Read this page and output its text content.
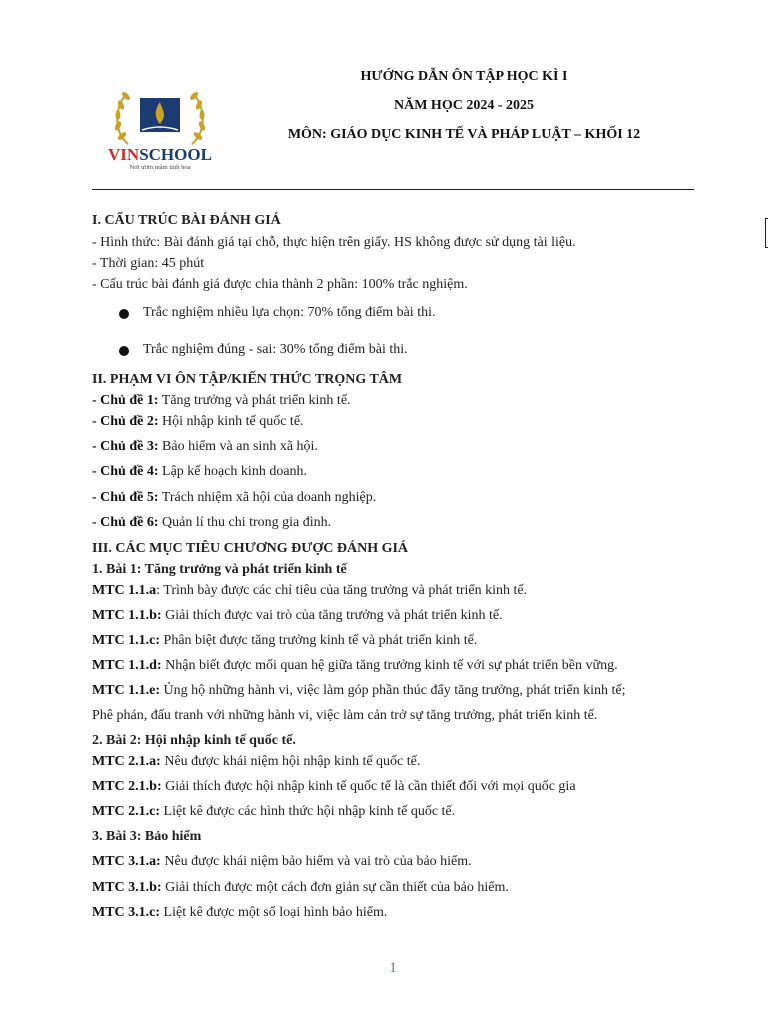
VINSCHOOL
Nơi ươm mầm tinh hoa
HƯỚNG DẪN ÔN TẬP HỌC KÌ I
NĂM HỌC 2024 - 2025
MÔN: GIÁO DỤC KINH TẾ VÀ PHÁP LUẬT – KHỐI 12
I. CẤU TRÚC BÀI ĐÁNH GIÁ
- Hình thức: Bài đánh giá tại chỗ, thực hiện trên giấy. HS không được sử dụng tài liệu.
- Thời gian: 45 phút
- Cấu trúc bài đánh giá được chia thành 2 phần: 100% trắc nghiệm.
Trắc nghiệm nhiều lựa chọn: 70% tổng điểm bài thi.
Trắc nghiệm đúng - sai: 30% tổng điểm bài thi.
II. PHẠM VI ÔN TẬP/KIẾN THỨC TRỌNG TÂM
- Chủ đề 1: Tăng trưởng và phát triển kinh tế.
- Chủ đề 2: Hội nhập kinh tế quốc tế.
- Chủ đề 3: Bảo hiểm và an sinh xã hội.
- Chủ đề 4: Lập kế hoạch kinh doanh.
- Chủ đề 5: Trách nhiệm xã hội của doanh nghiệp.
- Chủ đề 6: Quản lí thu chi trong gia đình.
III. CÁC MỤC TIÊU CHƯƠNG ĐƯỢC ĐÁNH GIÁ
1. Bài 1: Tăng trưởng và phát triển kinh tế
MTC 1.1.a: Trình bày được các chỉ tiêu của tăng trưởng và phát triển kinh tế.
MTC 1.1.b: Giải thích được vai trò của tăng trưởng và phát triển kinh tế.
MTC 1.1.c: Phân biệt được tăng trưởng kinh tế và phát triển kinh tế.
MTC 1.1.d: Nhận biết được mối quan hệ giữa tăng trưởng kinh tế với sự phát triển bền vững.
MTC 1.1.e: Ủng hộ những hành vi, việc làm góp phần thúc đẩy tăng trưởng, phát triển kinh tế;
Phê phán, đấu tranh với những hành vi, việc làm cản trở sự tăng trưởng, phát triển kinh tế.
2. Bài 2: Hội nhập kinh tế quốc tế.
MTC 2.1.a: Nêu được khái niệm hội nhập kinh tế quốc tế.
MTC 2.1.b: Giải thích được hội nhập kinh tế quốc tế là cần thiết đối với mọi quốc gia
MTC 2.1.c: Liệt kê được các hình thức hội nhập kinh tế quốc tế.
3. Bài 3: Bảo hiểm
MTC 3.1.a: Nêu được khái niệm bảo hiểm và vai trò của bảo hiểm.
MTC 3.1.b: Giải thích được một cách đơn giản sự cần thiết của bảo hiểm.
MTC 3.1.c: Liệt kê được một số loại hình bảo hiểm.
1
